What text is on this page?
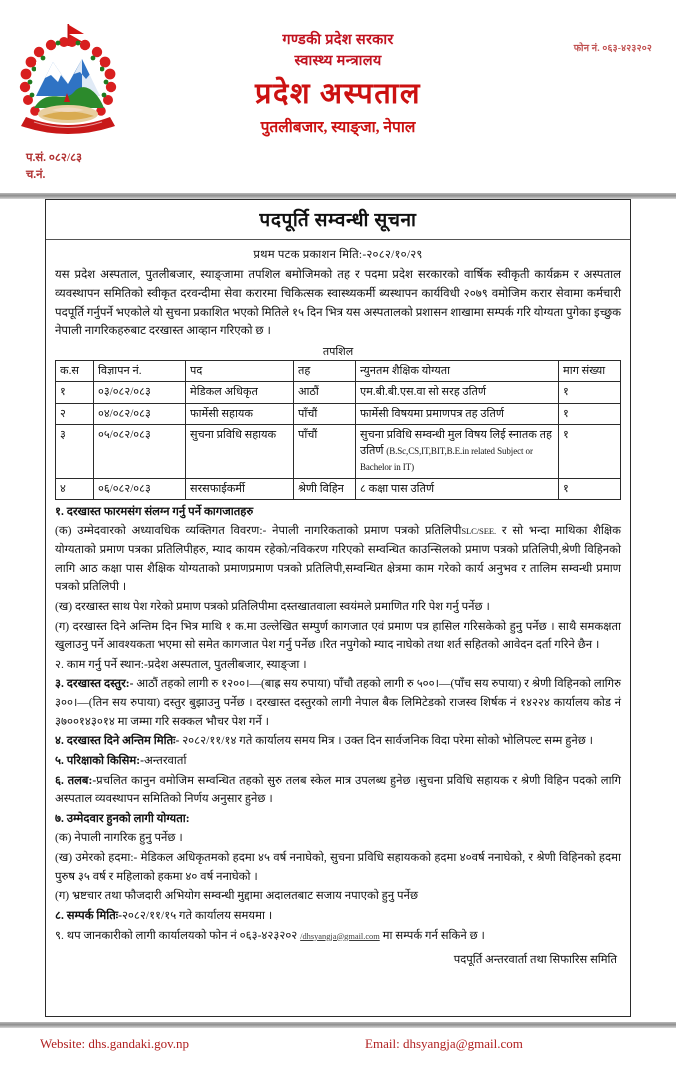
गण्डकी प्रदेश सरकार
स्वास्थ्य मन्त्रालय
प्रदेश अस्पताल
पुतलीबजार, स्याङ्जा, नेपाल
फोन नं. ०६३-४२३२०२
प.सं. ०८२/८३
च.नं.
पदपूर्ति सम्वन्धी सूचना
प्रथम पटक प्रकाशन मिति:-२०८२/१०/२९
यस प्रदेश अस्पताल, पुतलीबजार, स्याङ्जामा तपशिल बमोजिमको तह र पदमा प्रदेश सरकारको वार्षिक स्वीकृती कार्यक्रम र अस्पताल व्यवस्थापन समितिको स्वीकृत दरवन्दीमा सेवा करारमा चिकित्सक स्वास्थ्यकर्मी ब्यस्थापन कार्यविधी २०७९ वमोजिम करार सेवामा कर्मचारी पदपूर्ति गर्नुपर्ने भएकोले यो सुचना प्रकाशित भएको मितिले १५ दिन भित्र यस अस्पतालको प्रशासन शाखामा सम्पर्क गरि योग्यता पुगेका इच्छुक नेपाली नागरिकहरुबाट दरखास्त आव्हान गरिएको छ ।
तपशिल
क.स	विज्ञापन नं.	पद	तह	न्युनतम शैक्षिक योग्यता	माग संख्या
१	०३/०८२/०८३	मेडिकल अधिकृत	आठौं	एम.बी.बी.एस.वा सो सरह उतिर्ण	१
२	०४/०८२/०८३	फार्मेसी सहायक	पाँचौं	फार्मेसी विषयमा प्रमाणपत्र तह उतिर्ण	१
३	०५/०८२/०८३	सुचना प्रविधि सहायक	पाँचौं	सुचना प्रविधि सम्वन्धी मुल विषय लिई स्नातक तह उतिर्ण (B.Sc,CS,IT,BIT,B.E.in related Subject or Bachelor in IT)	१
४	०६/०८२/०८३	सरसफाईकर्मी	श्रेणी विहिन	८ कक्षा पास उतिर्ण	१
१. दरखास्त फारमसंग संलग्न गर्नु पर्ने कागजातहरु
(क) उम्मेदवारको अध्यावधिक व्यक्तिगत विवरण:- नेपाली नागरिकताको प्रमाण पत्रको प्रतिलिपीSLC/SEE. र सो भन्दा माथिका शैक्षिक योग्यताको प्रमाण पत्रका प्रतिलिपीहरु, म्याद कायम रहेको/नविकरण गरिएको सम्वन्धित काउन्सिलको प्रमाण पत्रको प्रतिलिपी,श्रेणी विहिनको लागि आठ कक्षा पास शैक्षिक योग्यताको प्रमाणप्रमाण पत्रको प्रतिलिपी,सम्वन्धित क्षेत्रमा काम गरेको कार्य अनुभव र तालिम सम्वन्धी प्रमाण पत्रको प्रतिलिपी ।
(ख) दरखास्त साथ पेश गरेको प्रमाण पत्रको प्रतिलिपीमा दस्तखातवाला स्वयंमले प्रमाणित गरि पेश गर्नु पर्नेछ ।
(ग) दरखास्त दिने अन्तिम दिन भित्र माथि १ क.मा उल्लेखित सम्पुर्ण कागजात एवं प्रमाण पत्र हासिल गरिसकेको हुनु पर्नेछ । साथै समकक्षता खुलाउनु पर्ने आवश्यकता भएमा सो समेत कागजात पेश गर्नु पर्नेछ ।रित नपुगेको म्याद नाघेको तथा शर्त सहितको आवेदन दर्ता गरिने छैन ।
२. काम गर्नु पर्ने स्थान:-प्रदेश अस्पताल, पुतलीबजार, स्याङ्जा ।
३. दरखास्त दस्तुर:- आठौं तहको लागी रु १२००।—(बाह्र सय रुपाया) पाँचौ तहको लागी रु ५००।—(पाँच सय रुपाया) र श्रेणी विहिनको लागिरु ३००।—(तिन सय रुपाया) दस्तुर बुझाउनु पर्नेछ । दरखास्त दस्तुरको लागी नेपाल बैक लिमिटेडको राजस्व शिर्षक नं १४२२४ कार्यालय कोड नं ३७००१४३०१४ मा जम्मा गरि सक्कल भौचर पेश गर्ने ।
४. दरखास्त दिने अन्तिम मितिः- २०८२/११/१४ गते कार्यालय समय मित्र । उक्त दिन सार्वजनिक विदा परेमा सोको भोलिपल्ट सम्म हुनेछ ।
५. परिक्षाको किसिम:-अन्तरवार्ता
६. तलब:-प्रचलित कानुन वमोजिम सम्वन्धित तहको सुरु तलब स्केल मात्र उपलब्ध हुनेछ ।सुचना प्रविधि सहायक र श्रेणी विहिन पदको लागि अस्पताल व्यवस्थापन समितिको निर्णय अनुसार हुनेछ ।
७. उम्मेदवार हुनको लागी योग्यता:
(क) नेपाली नागरिक हुनु पर्नेछ ।
(ख) उमेरको हदमा:- मेडिकल अधिकृतमको हदमा ४५ वर्ष ननाघेको, सुचना प्रविधि सहायकको हदमा ४०वर्ष ननाघेको, र श्रेणी विहिनको हदमा पुरुष ३५ वर्ष र महिलाको हकमा ४० वर्ष ननाघेको ।
(ग) भ्रष्टचार तथा फौजदारी अभियोग सम्वन्धी मुद्दामा अदालतबाट सजाय नपाएको हुनु पर्नेछ
८. सम्पर्क मितिः-२०८२/११/१५ गते कार्यालय समयमा ।
९. थप जानकारीको लागी कार्यालयको फोन नं ०६३-४२३२०२ /dhsyangja@gmail.com मा सम्पर्क गर्न सकिने छ ।
पदपूर्ति अन्तरवार्ता तथा सिफारिस समिति
Website: dhs.gandaki.gov.np	Email: dhsyangja@gmail.com
